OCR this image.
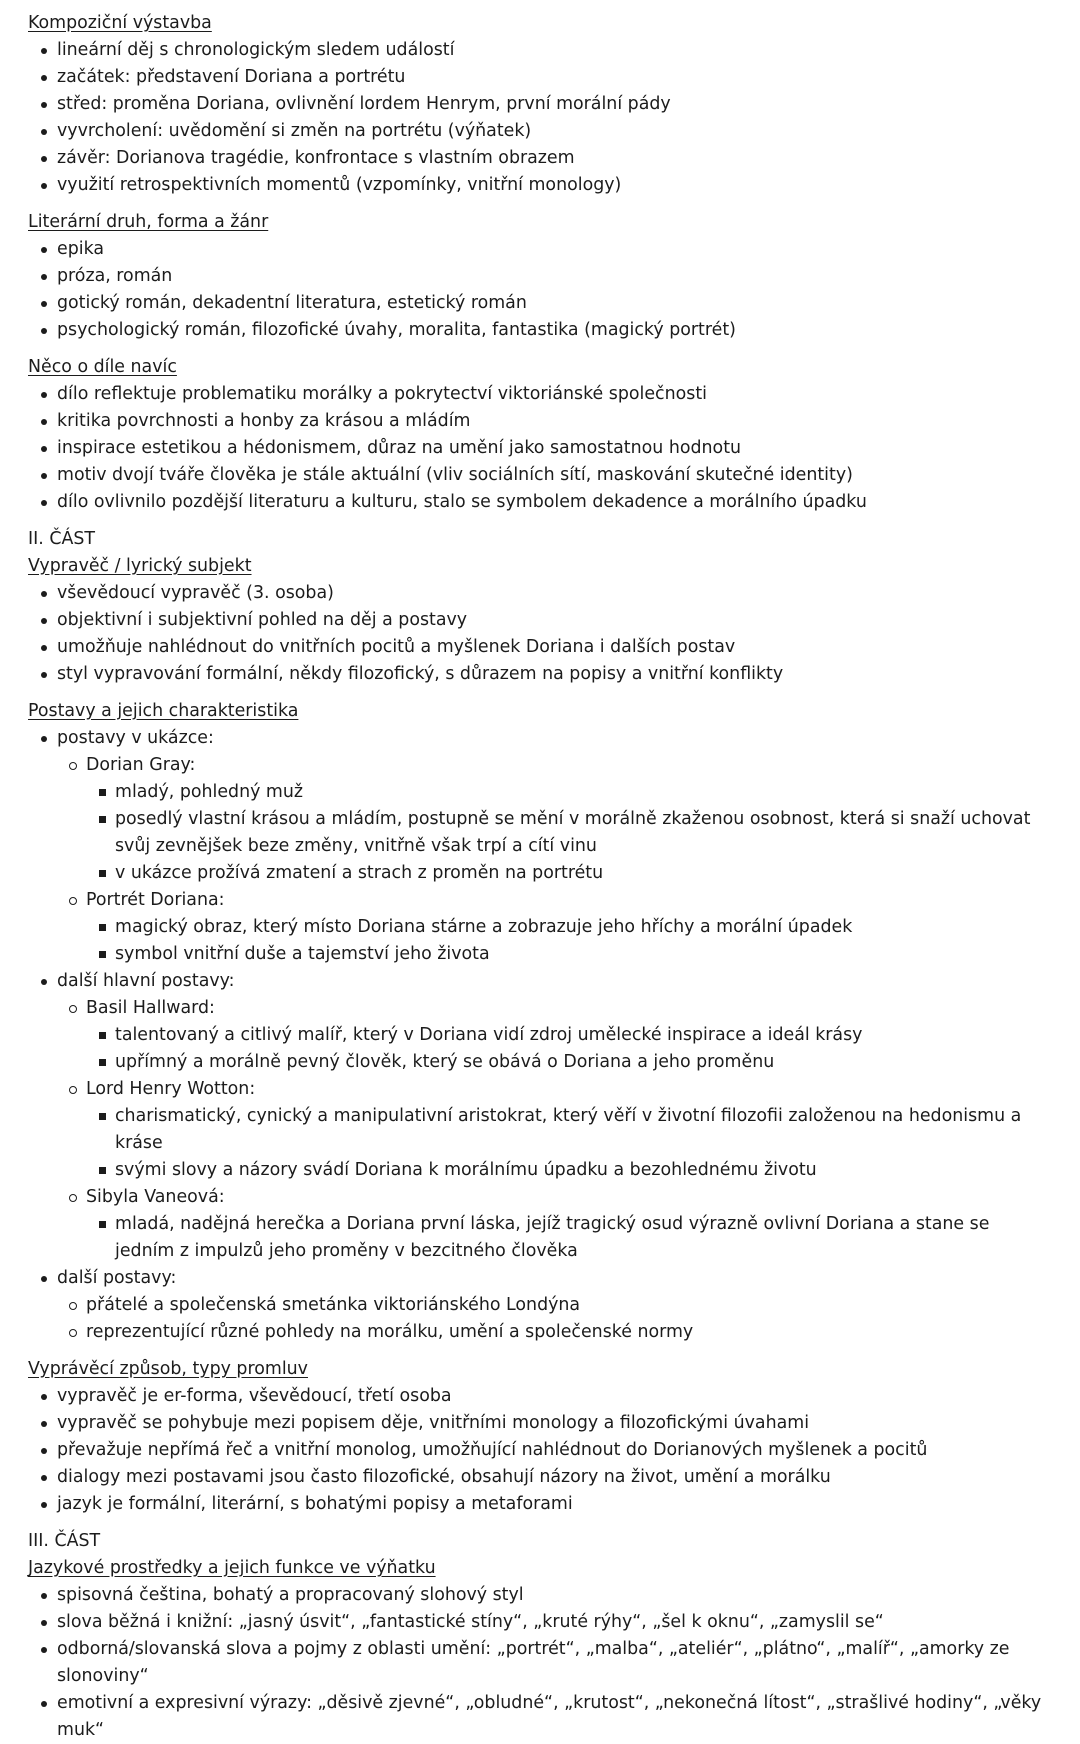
Kompoziční výstavba

lineární děj s chronologickým sledem událostí
začátek: představení Doriana a portrétu
střed: proměna Doriana, ovlivnění lordem Henrym, první morální pády
vyvrcholení: uvědomění si změn na portrétu (výňatek)
závěr: Dorianova tragédie, konfrontace s vlastním obrazem
využití retrospektivních momentů (vzpomínky, vnitřní monology)

Literární druh, forma a žánr

epika
próza, román
gotický román, dekadentní literatura, estetický román
psychologický román, filozofické úvahy, moralita, fantastika (magický portrét)

Něco o díle navíc

dílo reflektuje problematiku morálky a pokrytectví viktoriánské společnosti
kritika povrchnosti a honby za krásou a mládím
inspirace estetikou a hédonismem, důraz na umění jako samostatnou hodnotu
motiv dvojí tváře člověka je stále aktuální (vliv sociálních sítí, maskování skutečné identity)
dílo ovlivnilo pozdější literaturu a kulturu, stalo se symbolem dekadence a morálního úpadku

II. ČÁST

Vypravěč / lyrický subjekt

vševědoucí vypravěč (3. osoba)
objektivní i subjektivní pohled na děj a postavy
umožňuje nahlédnout do vnitřních pocitů a myšlenek Doriana i dalších postav
styl vypravování formální, někdy filozofický, s důrazem na popisy a vnitřní konflikty

Postavy a jejich charakteristika

postavy v ukázce:
Dorian Gray:
mladý, pohledný muž
posedlý vlastní krásou a mládím, postupně se mění v morálně zkaženou osobnost, která si snaží uchovat svůj zevnějšek beze změny, vnitřně však trpí a cítí vinu
v ukázce prožívá zmatení a strach z proměn na portrétu
Portrét Doriana:
magický obraz, který místo Doriana stárne a zobrazuje jeho hříchy a morální úpadek
symbol vnitřní duše a tajemství jeho života
další hlavní postavy:
Basil Hallward:
talentovaný a citlivý malíř, který v Doriana vidí zdroj umělecké inspirace a ideál krásy
upřímný a morálně pevný člověk, který se obává o Doriana a jeho proměnu
Lord Henry Wotton:
charismatický, cynický a manipulativní aristokrat, který věří v životní filozofii založenou na hedonismu a kráse
svými slovy a názory svádí Doriana k morálnímu úpadku a bezohlednému životu
Sibyla Vaneová:
mladá, nadějná herečka a Doriana první láska, jejíž tragický osud výrazně ovlivní Doriana a stane se jedním z impulzů jeho proměny v bezcitného člověka
další postavy:
přátelé a společenská smetánka viktoriánského Londýna
reprezentující různé pohledy na morálku, umění a společenské normy

Vyprávěcí způsob, typy promluv

vypravěč je er-forma, vševědoucí, třetí osoba
vypravěč se pohybuje mezi popisem děje, vnitřními monology a filozofickými úvahami
převažuje nepřímá řeč a vnitřní monolog, umožňující nahlédnout do Dorianových myšlenek a pocitů
dialogy mezi postavami jsou často filozofické, obsahují názory na život, umění a morálku
jazyk je formální, literární, s bohatými popisy a metaforami

III. ČÁST

Jazykové prostředky a jejich funkce ve výňatku

spisovná čeština, bohatý a propracovaný slohový styl
slova běžná i knižní: „jasný úsvit“, „fantastické stíny“, „kruté rýhy“, „šel k oknu“, „zamyslil se“
odborná/slovanská slova a pojmy z oblasti umění: „portrét“, „malba“, „ateliér“, „plátno“, „malíř“, „amorky ze slonoviny“
emotivní a expresivní výrazy: „děsivě zjevné“, „obludné“, „krutost“, „nekonečná lítost“, „strašlivé hodiny“, „věky muk“
